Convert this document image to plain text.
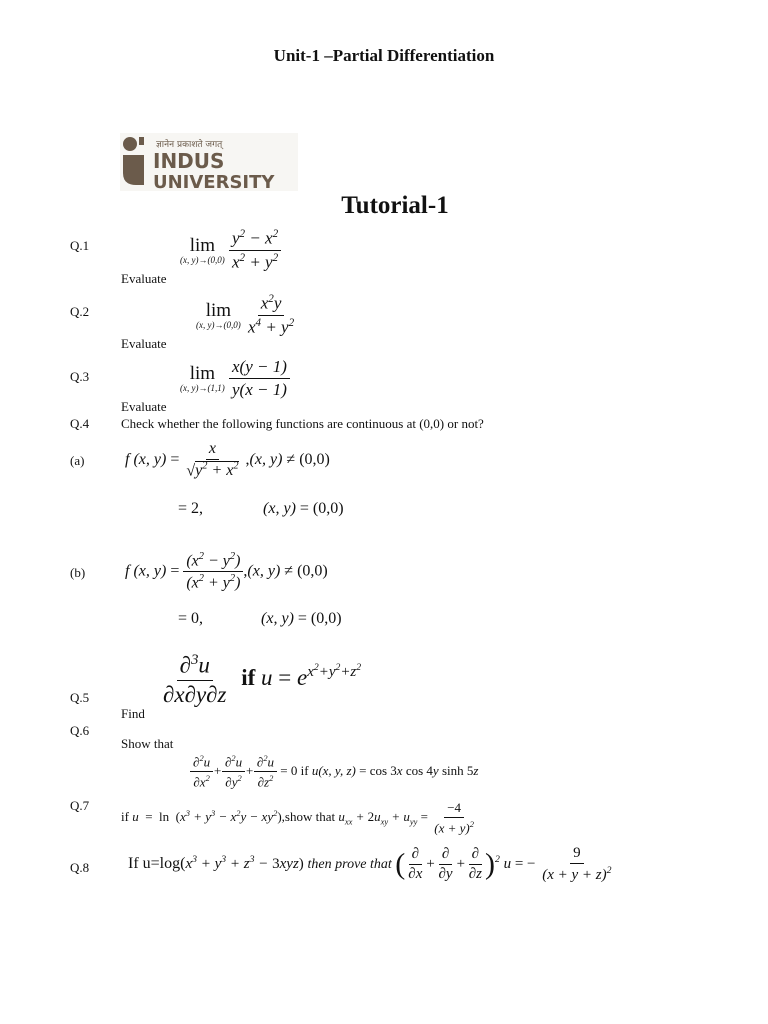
Unit-1 –Partial Differentiation
ज्ञानेन प्रकाशते जगत्
INDUS
UNIVERSITY
Tutorial-1
Q.1
Evaluate
lim
(x, y)→(0,0)
$\frac{y^2 - x^2}{x^2 + y^2}$
Q.2
Evaluate
lim
(x, y)→(0,0)
$\frac{x^2y}{x^4 + y^2}$
Q.3
Evaluate
lim
(x, y)→(1,1)
$\frac{x(y - 1)}{y(x - 1)}$
Q.4 Check whether the following functions are continuous at (0,0) or not?
(a)	f (x, $y) = \frac{x}{√y^2 + x^2} ,(x$, y) ≠ (0,0)
= 2,	(x, y) = (0,0)
(b) f (x, $y) = \frac{(x^2 - y^2)}{(x^2 + y^2)} ,(x$, y) ≠ (0,0)
= 0,	(x, y) = (0,0)
Q.5
Find
$\frac{\partial^3u}{\partial x\partial y\partial z}$ if $u = e^{x^2+y^2+z^2}$
Q.6
Show that
$\frac{\partial^2u}{\partial x^2} + \frac{\partial^2u}{\partial y^2} + \frac{\partial^2u}{\partial z^2} = 0$ if u(x, y, z) = cos 3x cos 4y sinh 5z
Q.7
if $u = \ln (x^3 + y^3 - x^2y$ − $xy^2),show$ that $u_{xx} + 2u_{xy} + u_{yy} = \frac{-4}{(x + y)^2}$
Q.8 If $u=\log(x^3 + y^3 + z^3 - 3xyz)$ then prove that ( $\frac{\partial}{\partial x} + \frac{\partial}{\partial y} + \frac{\partial}{\partial z} )^2$ u = − $\frac{9}{(x + y + z)^2}$
